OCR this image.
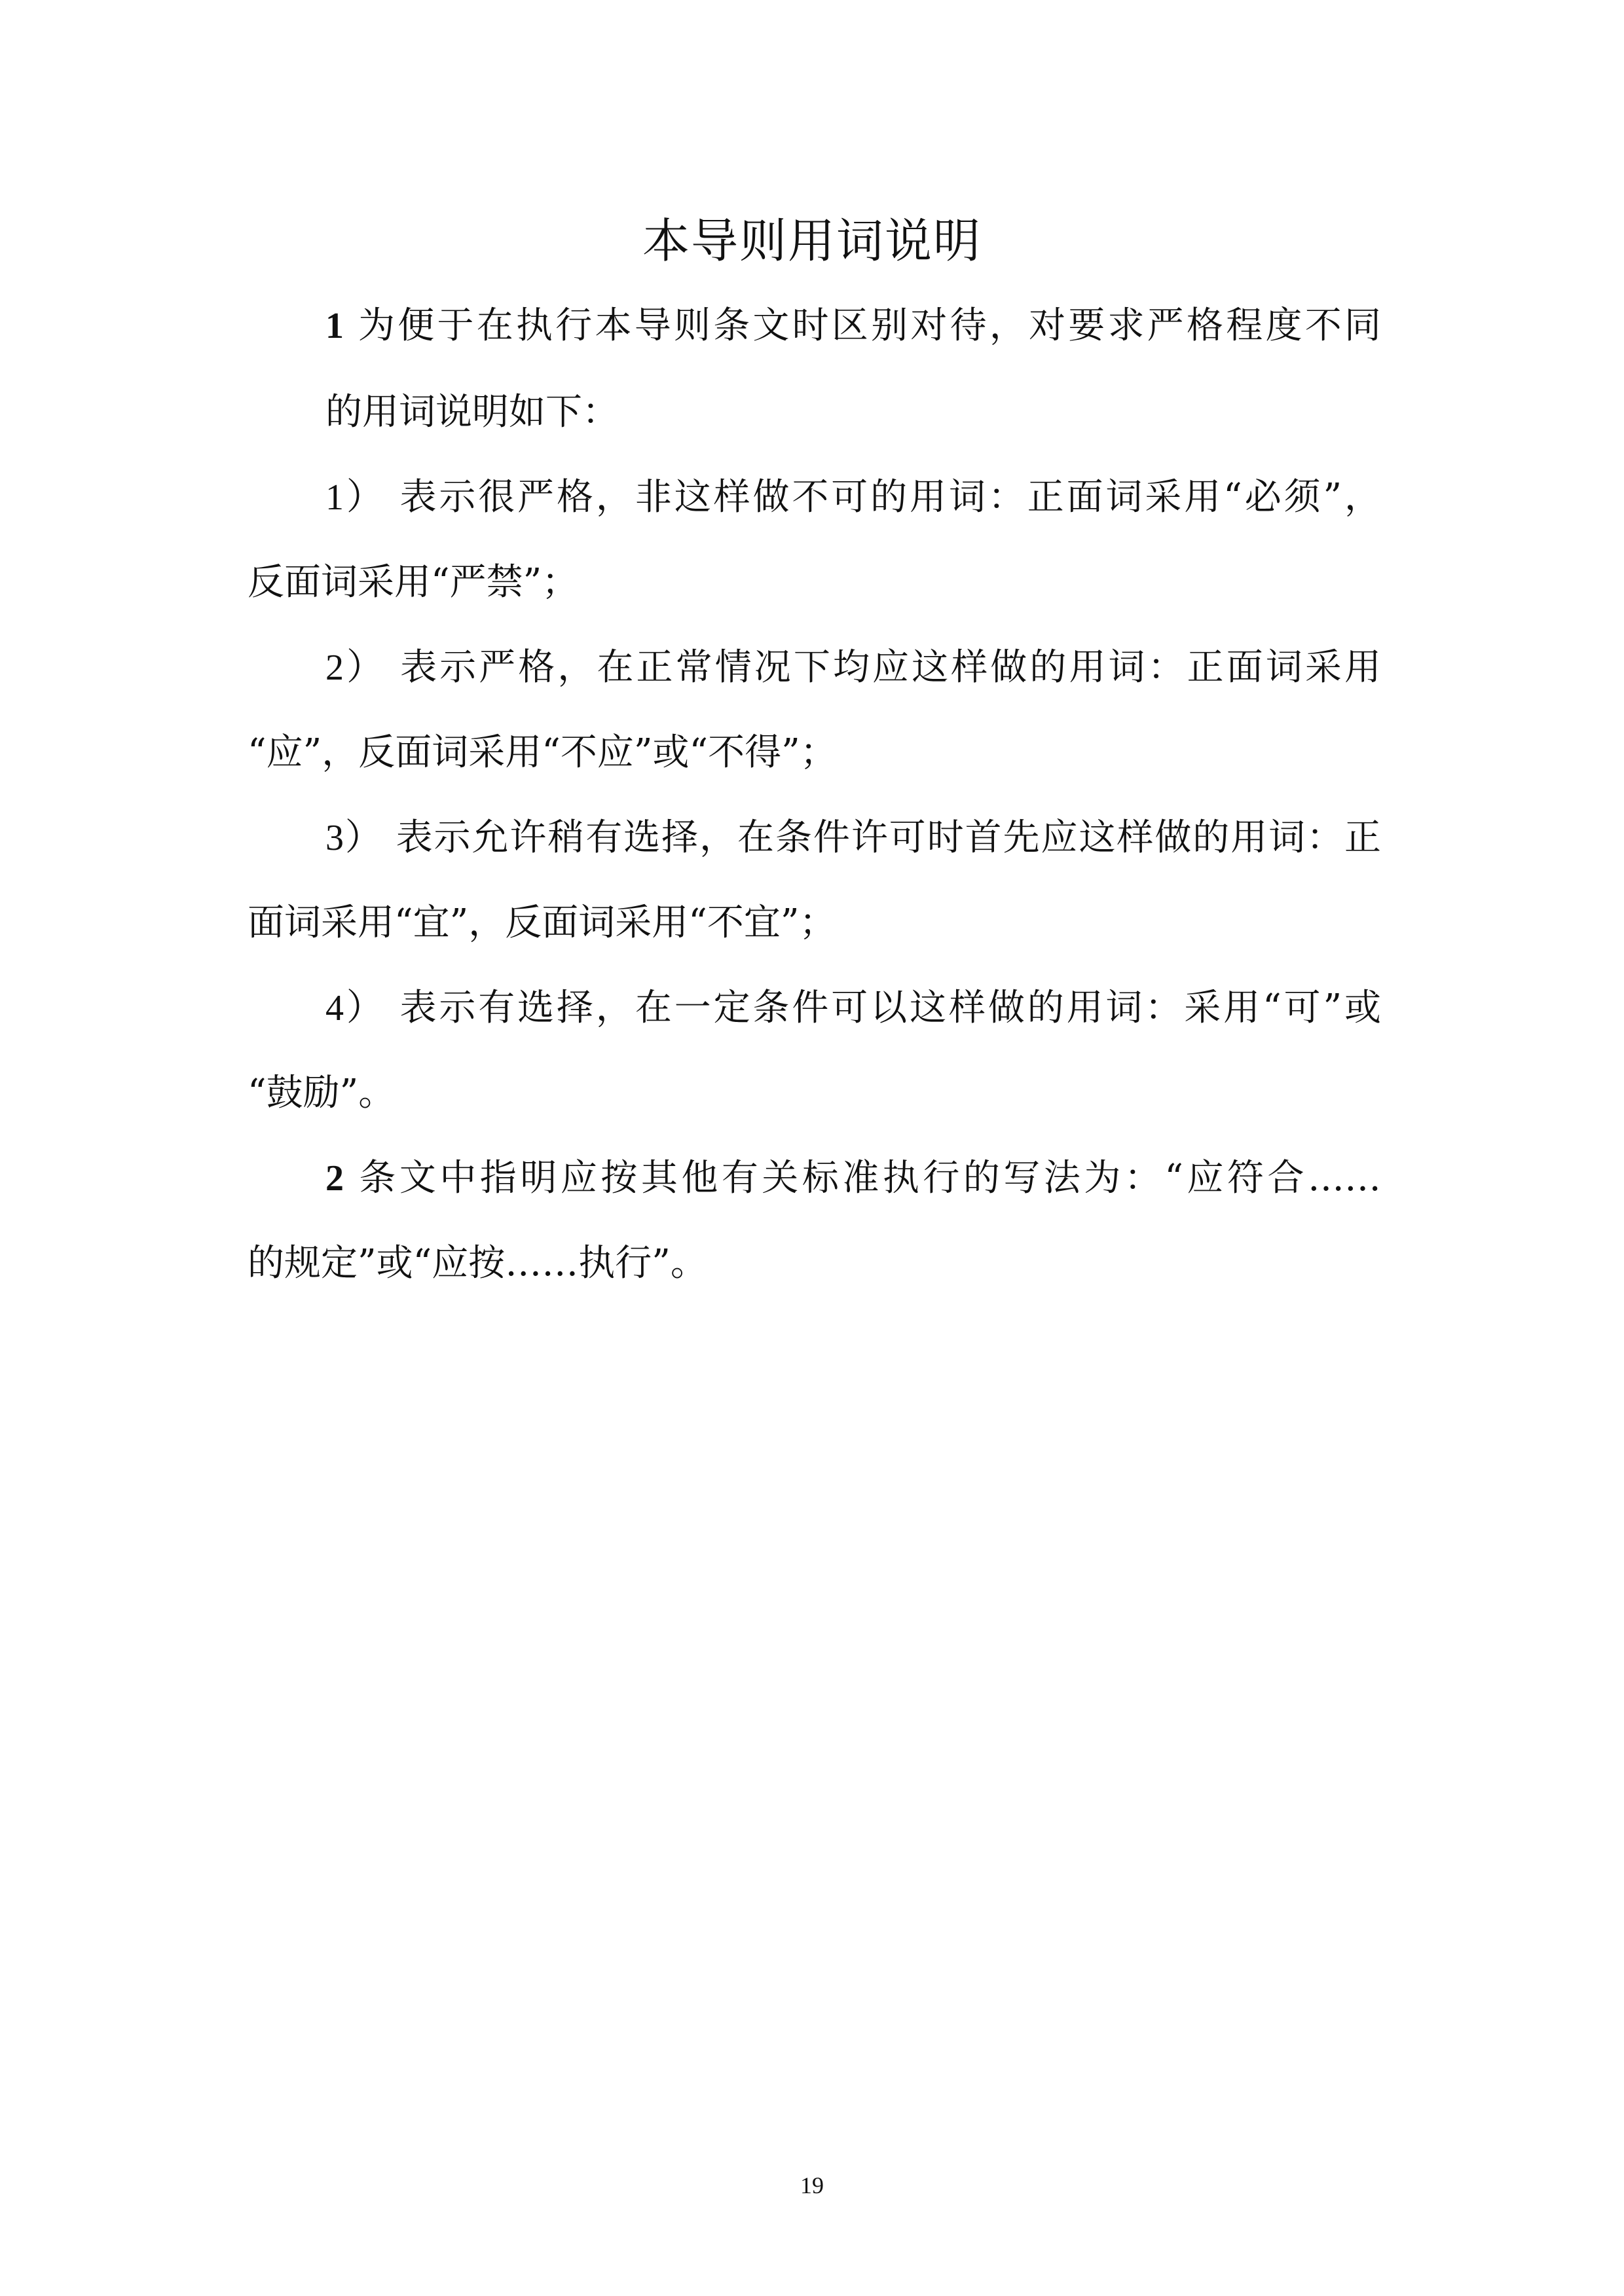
本导则用词说明

1 为便于在执行本导则条文时区别对待，对要求严格程度不同

的用词说明如下：

1） 表示很严格，非这样做不可的用词：正面词采用“必须”，

反面词采用“严禁”；

2） 表示严格，在正常情况下均应这样做的用词：正面词采用

“应”，反面词采用“不应”或“不得”；

3） 表示允许稍有选择，在条件许可时首先应这样做的用词：正

面词采用“宜”，反面词采用“不宜”；

4） 表示有选择，在一定条件可以这样做的用词：采用“可”或

“鼓励”。

2 条文中指明应按其他有关标准执行的写法为：“应符合……

的规定”或“应按……执行”。

19
